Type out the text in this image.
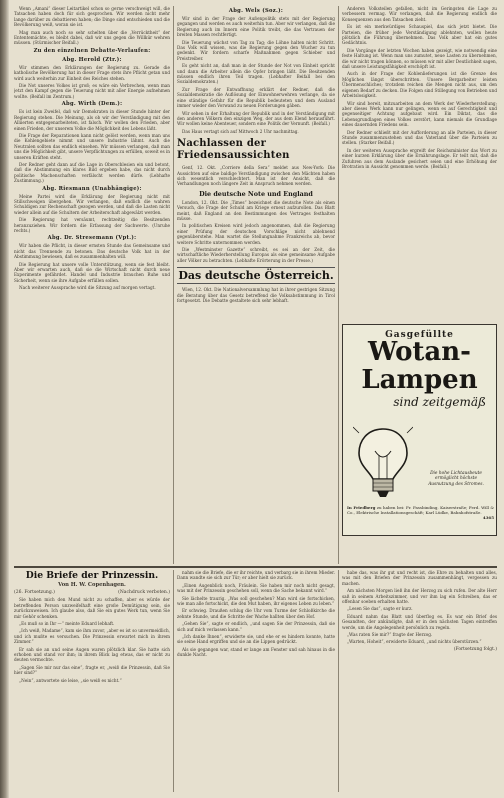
Wenn „Amani“ dieser Leitartikel schon so gerne verschweigt will, die Tatsachen haben doch für sich gesprochen. Wir werden nicht mehr lange darüber zu debattieren haben; die Dinge sind entschieden und die Bevölkerung weiß, woran sie ist.

Mag man auch noch so sehr schelten über die „Verrücktheit“ der Ententemächte, es bleibt dabei, daß wir uns gegen die Willkür wehren müssen. (Stürmischer Beifall.)

Zu den einzelnen Debatte-Verlaufen:
Abg. Herold (Ztr.):

Wir stimmen den Erklärungen der Regierung zu. Gerade die katholische Bevölkerung hat in dieser Frage stets ihre Pflicht getan und wird auch weiterhin zur Einheit des Reiches stehen.

Die Not unseres Volkes ist groß; es wäre ein Verbrechen, wenn man jetzt den Kampf gegen die Teuerung nicht mit aller Energie aufnehmen wollte. (Beifall im Zentrum.)

Abg. Wirth (Dem.):

Es ist kein Zweifel, daß wir Demokraten in dieser Stunde hinter der Regierung stehen. Die Meinung, als ob wir der Verständigung mit den Alliierten entgegenarbeiteten, ist falsch. Wir wollen den Frieden, aber einen Frieden, der unserem Volke die Möglichkeit des Lebens läßt.

Die Frage der Reparationen kann nicht gelöst werden, wenn man uns die Kohlengebiete nimmt und unsere Industrie lähmt. Auch die Neutralen sollten das endlich einsehen. Wir müssen verlangen, daß man uns die Möglichkeit gibt, unsere Verpflichtungen zu erfüllen, soweit es in unseren Kräften steht.

Der Redner geht dann auf die Lage in Oberschlesien ein und betont, daß die Abstimmung ein klares Bild ergeben habe, das nicht durch politische Machenschaften verfälscht werden dürfe. (Lebhafte Zustimmung.)

Abg. Riesmann (Unabhängige):

Meine Partei wird die Erklärung der Regierung nicht mit Stillschweigen übergehen. Wir verlangen, daß endlich die wahren Schuldigen zur Rechenschaft gezogen werden, und daß die Lasten nicht wieder allein auf die Schultern der Arbeiterschaft abgewälzt werden.

Die Regierung hat versäumt, rechtzeitig die Besitzenden heranzuziehen. Wir fordern die Erfassung der Sachwerte. (Unruhe rechts.)

Abg. Dr. Stresemann (Vpt.):

Wir haben die Pflicht, in dieser ernsten Stunde das Gemeinsame und nicht das Trennende zu betonen. Das deutsche Volk hat in der Abstimmung bewiesen, daß es zusammenhalten will.

Die Regierung hat unsere volle Unterstützung, wenn sie fest bleibt. Aber wir erwarten auch, daß sie die Wirtschaft nicht durch neue Experimente gefährdet. Handel und Industrie brauchen Ruhe und Sicherheit, wenn sie ihre Aufgabe erfüllen sollen.

Nach weiterer Aussprache wird die Sitzung auf morgen vertagt.

Abg. Wels (Soz.):

Wir sind in der Frage der Außenpolitik stets mit der Regierung gegangen und werden es auch weiterhin tun. Aber wir verlangen, daß die Regierung auch im Innern eine Politik treibt, die das Vertrauen der breiten Massen rechtfertigt.

Die Teuerung wächst von Tag zu Tag; die Löhne halten nicht Schritt. Das Volk will wissen, was die Regierung gegen den Wucher zu tun gedenkt. Wir fordern scharfe Maßnahmen gegen Schieber und Preistreiber.

Es geht nicht an, daß man in der Stunde der Not von Einheit spricht und dann die Arbeiter allein die Opfer bringen läßt. Die Besitzenden müssen endlich ihren Teil tragen. (Lebhafter Beifall bei den Sozialdemokraten.)

Zur Frage der Entwaffnung erklärt der Redner, daß die Sozialdemokratie die Auflösung der Einwohnerwehren verlange, da sie eine ständige Gefahr für die Republik bedeuteten und dem Ausland immer wieder den Vorwand zu neuen Forderungen gäben.

Wir sehen in der Erhaltung der Republik und in der Verständigung mit den anderen Völkern den einzigen Weg, der aus dem Elend herausführt. Wir wollen keine Abenteuer, sondern eine Politik der Vernunft. (Beifall.)

Das Haus vertagt sich auf Mittwoch 2 Uhr nachmittag.

Nachlassen der Friedensaussichten

Genf, 12. Okt. „Corriere della Sera“ meldet aus New-York: Die Aussichten auf eine baldige Verständigung zwischen den Mächten haben sich wesentlich verschlechtert. Man ist der Ansicht, daß die Verhandlungen noch längere Zeit in Anspruch nehmen werden.

Die deutsche Note und England

London, 12. Okt. Die „Times“ bezeichnet die deutsche Note als einen Versuch, die Frage der Schuld am Kriege erneut aufzurollen. Das Blatt meint, daß England an den Bestimmungen des Vertrages festhalten müsse.

In politischen Kreisen wird jedoch angenommen, daß die Regierung einer Prüfung der deutschen Vorschläge nicht ablehnend gegenüberstehe. Man wartet die Stellungnahme Frankreichs ab, bevor weitere Schritte unternommen werden.

Die „Westminster Gazette“ schreibt, es sei an der Zeit, die wirtschaftliche Wiederherstellung Europas als eine gemeinsame Aufgabe aller Völker zu betrachten. (Lebhafte Erörterung in der Presse.)

Das deutsche Österreich.

Wien, 12. Okt. Die Nationalversammlung hat in ihrer gestrigen Sitzung die Beratung über das Gesetz betreffend die Volksabstimmung in Tirol fortgesetzt. Die Debatte gestaltete sich sehr lebhaft.

Anderen Volksteilen gefallen, nicht im Geringsten die Lage zu verbessern vermag. Wir verlangen, daß die Regierung endlich die Konsequenzen aus den Tatsachen zieht.

Es ist ein merkwürdiges Schauspiel, das sich jetzt bietet. Die Parteien, die früher jede Verständigung ablehnten, wollen heute plötzlich die Führung übernehmen. Das Volk aber hat ein gutes Gedächtnis.

Die Vorgänge der letzten Wochen haben gezeigt, wie notwendig eine feste Haltung ist. Wenn man uns zumutet, neue Lasten zu übernehmen, die wir nicht tragen können, so müssen wir mit aller Deutlichkeit sagen, daß unsere Leistungsfähigkeit erschöpft ist.

Auch in der Frage der Kohlenlieferungen ist die Grenze des Möglichen längst überschritten. Unsere Bergarbeiter leisten Übermenschliches; trotzdem reichen die Mengen nicht aus, um den eigenen Bedarf zu decken. Die Folgen sind Stillegung von Betrieben und Arbeitslosigkeit.

Wir sind bereit, mitzuarbeiten an dem Werk der Wiederherstellung; aber dieses Werk kann nur gelingen, wenn es auf Gerechtigkeit und gegenseitiger Achtung aufgebaut wird. Ein Diktat, das die Lebensgrundlagen eines Volkes zerstört, kann niemals die Grundlage eines dauernden Friedens sein.

Der Redner schließt mit der Aufforderung an alle Parteien, in dieser Stunde zusammenzustehen und das Vaterland über die Parteien zu stellen. (Starker Beifall.)

In der weiteren Aussprache ergreift der Reichsminister das Wort zu einer kurzen Erklärung über die Ernährungslage. Er teilt mit, daß die Zufuhren aus dem Auslande gesichert seien und eine Erhöhung der Brotration in Aussicht genommen werde. (Beifall.)

Gasgefüllte
Wotan-
Lampen
sind zeitgemäß
Die hohe Lichtausbeute ermöglicht höchste Ausnutzung des Stromes.
In Friedberg zu haben bei: Fr. Fassbinding, Kaiserstraße; Ferd. Will & Co., Elektrische Installationsgeschäft; Karl Lüdke, Bahnhofstraße.
4365
Die Briefe der Prinzessin.
Von H. W. Copenhagen.
(26. Fortsetzung.)	(Nachdruck verboten.)

Sie haben mich den Mund nicht zu schaffen, aber es würde der betreffenden Person unzweifelhaft eine große Demütigung sein, sie zurückzuweisen. Ich glaube also, daß Sie ein gutes Werk tun, wenn Sie mir Gehör schenken.

„Es muß so in Ihr —“ meinte Eduard lebhaft.

„Ich weiß, Madame“, kam sie ihm zuvor, „aber es ist so unvermeidlich, und ich mußte es versuchen. Die Prinzessin erwartet mich in ihrem Zimmer.“

Er sah sie an und seine Augen waren plötzlich klar. Sie hatte sich erhoben und stand vor ihm; in ihrem Blick lag etwas, das er nicht zu deuten vermochte.

„Sagen Sie mir nur das eine“, fragte er, „weiß die Prinzessin, daß Sie hier sind?“

„Nein“, antwortete sie leise, „sie weiß es nicht.“

nahm sie die Briefe, die er ihr reichte, und verbarg sie in ihrem Mieder. Dann wandte sie sich zur Tür; er aber hielt sie zurück.

„Einen Augenblick noch, Fräulein. Sie haben mir noch nicht gesagt, was mit der Prinzessin geschehen soll, wenn die Sache bekannt wird.“

Sie lächelte traurig. „Was soll geschehen? Man wird sie fortschicken, wie man alle fortschickt, die den Mut haben, ihr eigenes Leben zu leben.“

Er schwieg. Draußen schlug die Uhr vom Turme der Schloßkirche die zehnte Stunde, und die Schritte der Wache hallten über den Hof.

„Gehen Sie“, sagte er endlich, „und sagen Sie der Prinzessin, daß sie sich auf mich verlassen kann.“

„Ich danke Ihnen“, erwiderte sie, und ehe er es hindern konnte, hatte sie seine Hand ergriffen und sie an die Lippen gedrückt.

Als sie gegangen war, stand er lange am Fenster und sah hinaus in die dunkle Nacht.

habe das, was ihr gut und recht ist, die Ehre zu behalten und alles, was mit den Briefen der Prinzessin zusammenhängt, vergessen zu machen.

Am nächsten Morgen ließ ihn der Herzog zu sich rufen. Der alte Herr saß in seinem Arbeitszimmer, und vor ihm lag ein Schreiben, das er offenbar soeben erhalten hatte.

„Lesen Sie das“, sagte er kurz.

Eduard nahm das Blatt und überflog es. Es war ein Brief des Gesandten, der ankündigte, daß er in den nächsten Tagen eintreffen werde, um die Angelegenheit persönlich zu regeln.

„Was raten Sie mir?“ fragte der Herzog.

„Warten, Hoheit“, erwiderte Eduard, „und nichts überstürzen.“

(Fortsetzung folgt.)
